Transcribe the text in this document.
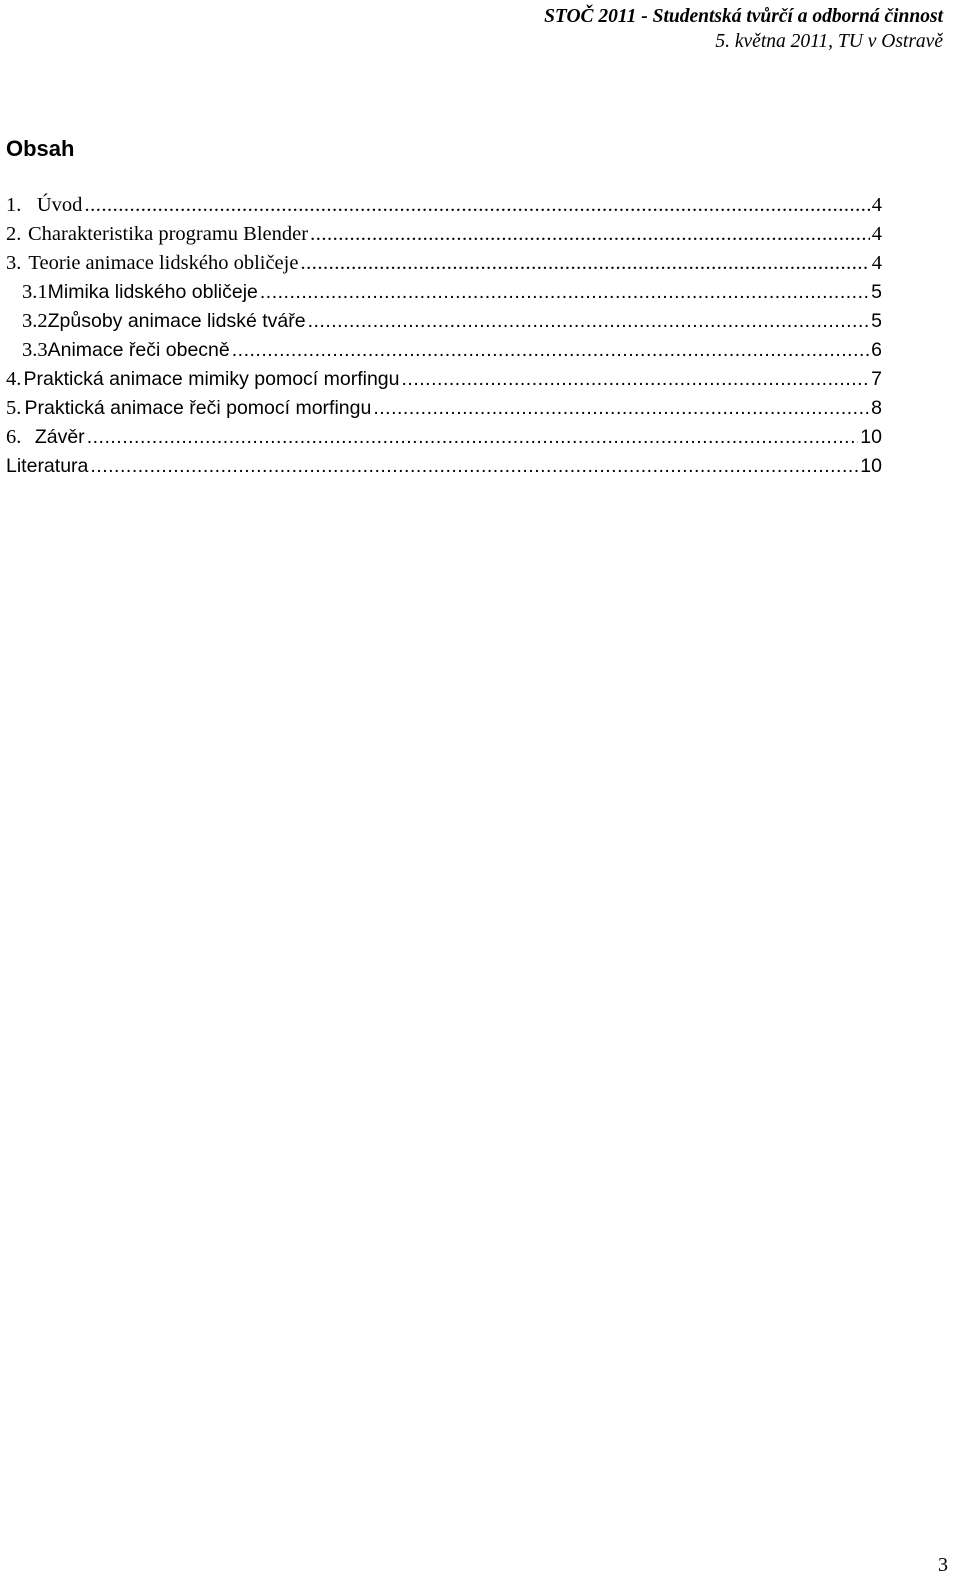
STOČ 2011 - Studentská tvůrčí a odborná činnost
5. května 2011, TU v Ostravě
Obsah
1. Úvod .....	4
2. Charakteristika programu Blender .....	4
3. Teorie animace lidského obličeje .....	4
3.1 Mimika lidského obličeje .....	5
3.2 Způsoby animace lidské tváře .....	5
3.3 Animace řeči obecně .....	6
4. Praktická animace mimiky pomocí morfingu .....	7
5. Praktická animace řeči pomocí morfingu .....	8
6. Závěr .....	10
Literatura .....	10
3
